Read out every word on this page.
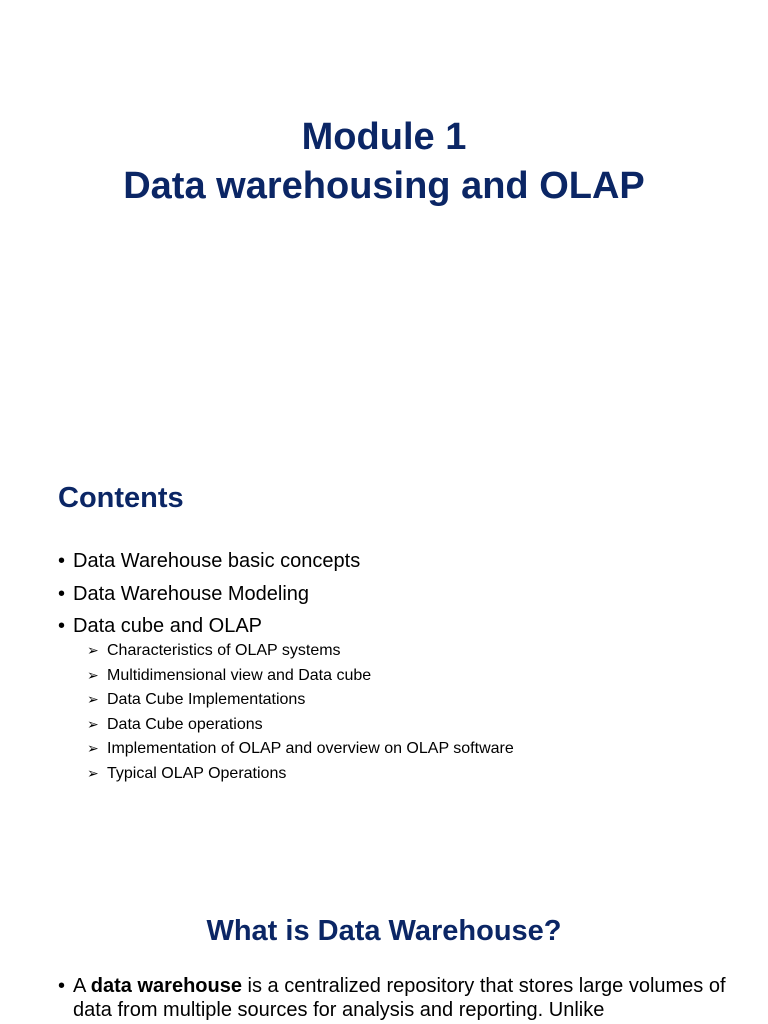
Module 1
Data warehousing and OLAP
Contents
• Data Warehouse basic concepts
• Data Warehouse Modeling
• Data cube and OLAP
➢ Characteristics of OLAP systems
➢ Multidimensional view and Data cube
➢ Data Cube Implementations
➢ Data Cube operations
➢ Implementation of OLAP and overview on OLAP software
➢ Typical OLAP Operations
What is Data Warehouse?

• A data warehouse is a centralized repository that stores large volumes of data from multiple sources for analysis and reporting. Unlike
